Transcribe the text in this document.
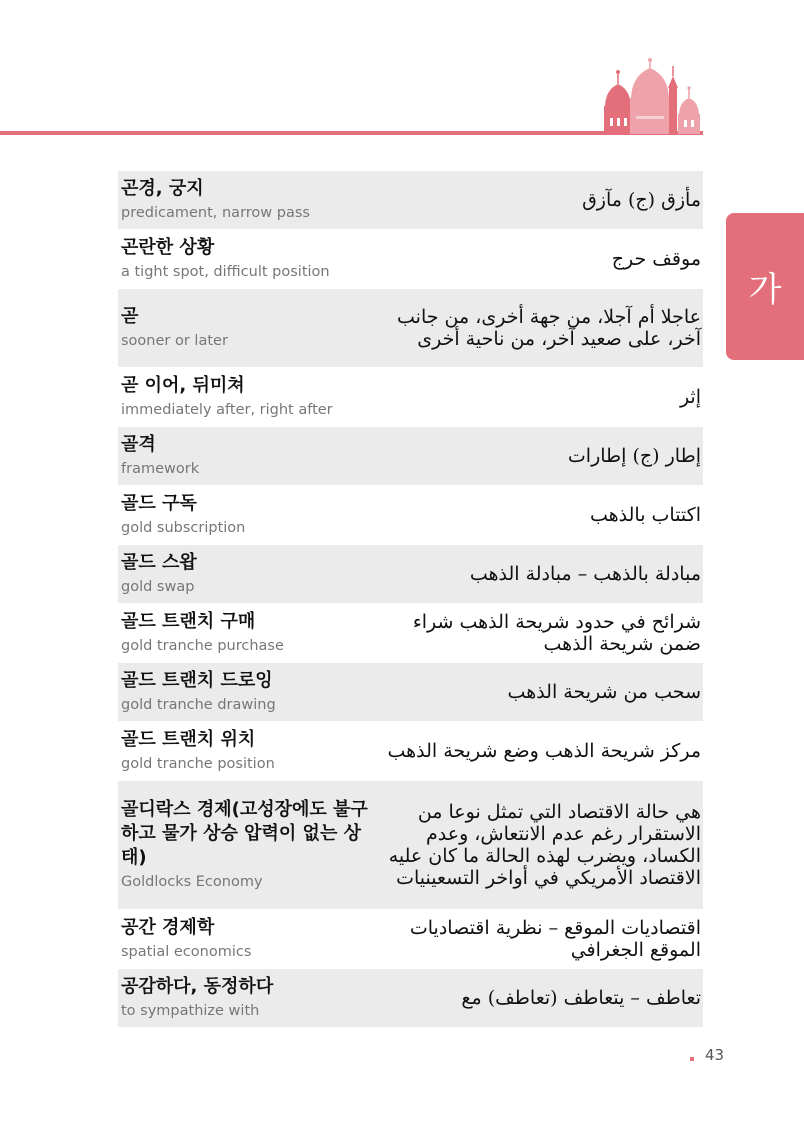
가
곤경, 궁지
predicament, narrow pass
مأزق (ج) مآزق
곤란한 상황
a tight spot, difficult position
موقف حرج
곧
sooner or later
عاجلا أم آجلا، من جهة أخرى، من جانب آخر، على صعيد آخر، من ناحية أخرى
곧 이어, 뒤미쳐
immediately after, right after
إثر
골격
framework
إطار (ج) إطارات
골드 구독
gold subscription
اكتتاب بالذهب
골드 스왑
gold swap
مبادلة بالذهب – مبادلة الذهب
골드 트랜치 구매
gold tranche purchase
شرائح في حدود شريحة الذهب شراء ضمن شريحة الذهب
골드 트랜치 드로잉
gold tranche drawing
سحب من شريحة الذهب
골드 트랜치 위치
gold tranche position
مركز شريحة الذهب وضع شريحة الذهب
골디락스 경제(고성장에도 불구하고 물가 상승 압력이 없는 상태)
Goldlocks Economy
هي حالة الاقتصاد التي تمثل نوعا من الاستقرار رغم عدم الانتعاش، وعدم الكساد، ويضرب لهذه الحالة ما كان عليه الاقتصاد الأمريكي في أواخر التسعينيات
공간 경제학
spatial economics
اقتصاديات الموقع – نظرية اقتصاديات الموقع الجغرافي
공감하다, 동정하다
to sympathize with
تعاطف – يتعاطف (تعاطف) مع
43
